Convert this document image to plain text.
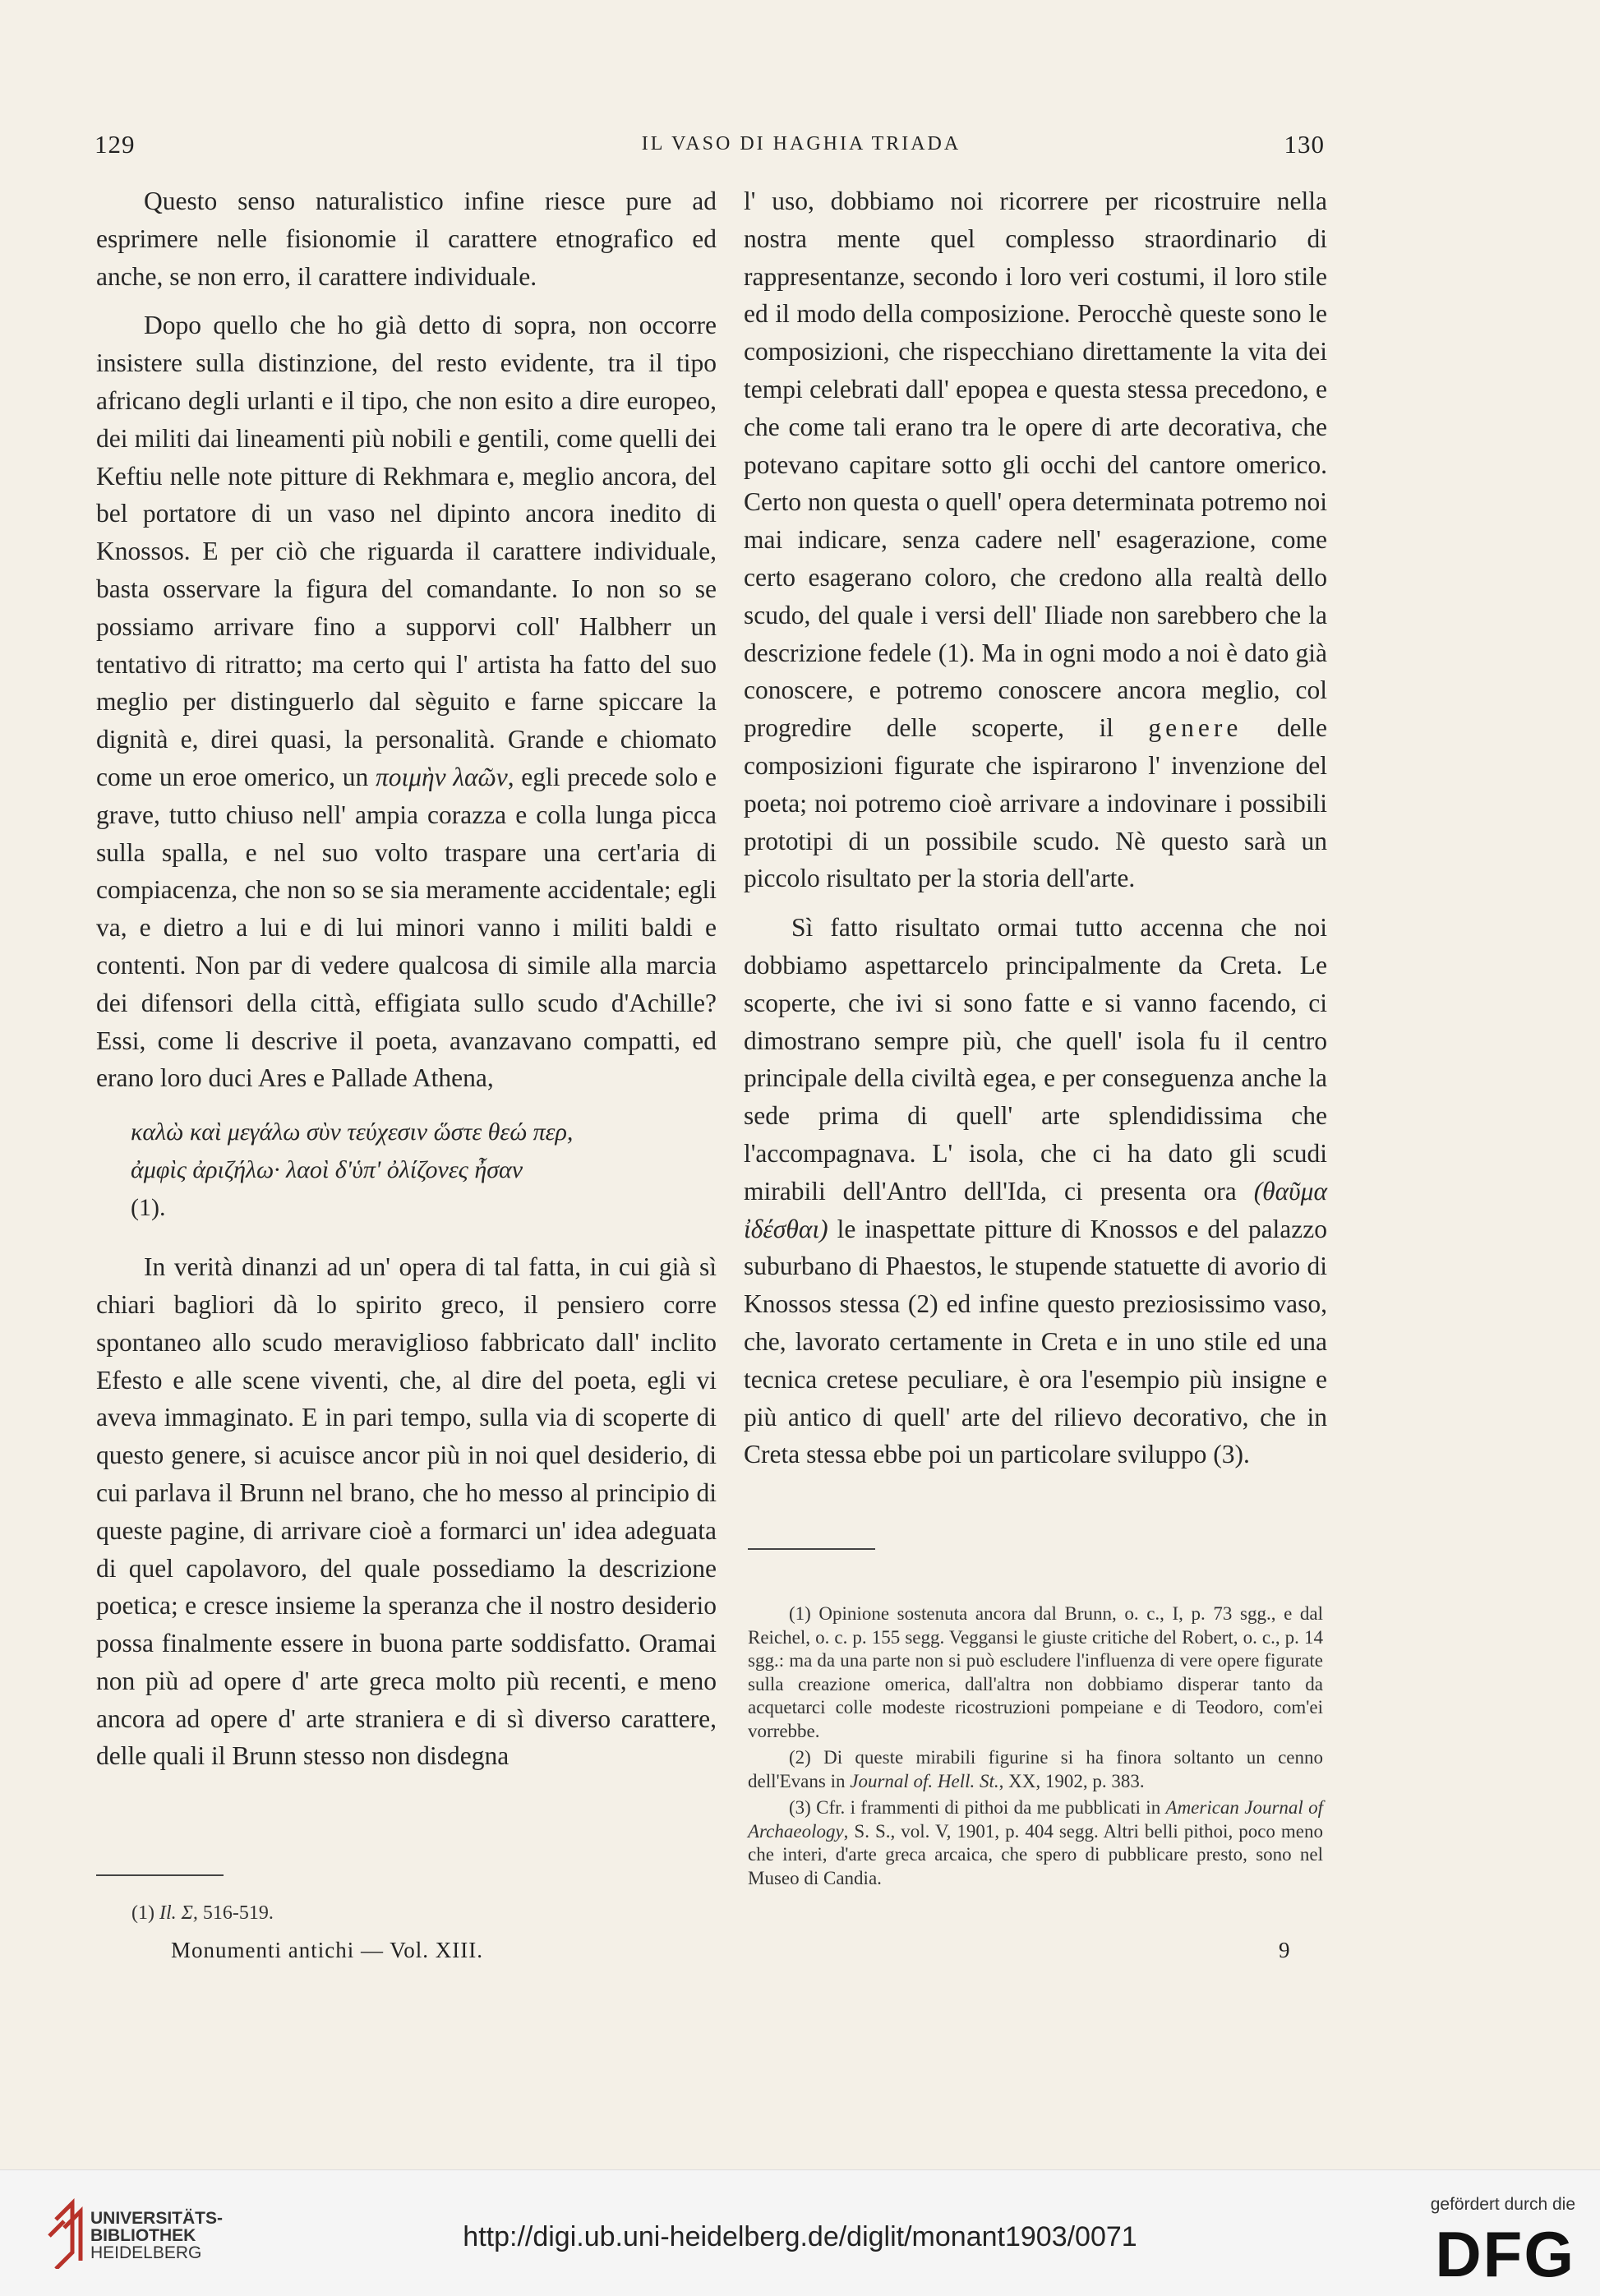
129	IL VASO DI HAGHIA TRIADA	130

Questo senso naturalistico infine riesce pure ad esprimere nelle fisionomie il carattere etnografico ed anche, se non erro, il carattere individuale.

Dopo quello che ho già detto di sopra, non occorre insistere sulla distinzione, del resto evidente, tra il tipo africano degli urlanti e il tipo, che non esito a dire europeo, dei militi dai lineamenti più nobili e gentili, come quelli dei Keftiu nelle note pitture di Rekhmara e, meglio ancora, del bel portatore di un vaso nel dipinto ancora inedito di Knossos. E per ciò che riguarda il carattere individuale, basta osservare la figura del comandante. Io non so se possiamo arrivare fino a supporvi coll' Halbherr un tentativo di ritratto; ma certo qui l' artista ha fatto del suo meglio per distinguerlo dal sèguito e farne spiccare la dignità e, direi quasi, la personalità. Grande e chiomato come un eroe omerico, un ποιμὴν λαῶν, egli precede solo e grave, tutto chiuso nell' ampia corazza e colla lunga picca sulla spalla, e nel suo volto traspare una cert'aria di compiacenza, che non so se sia meramente accidentale; egli va, e dietro a lui e di lui minori vanno i militi baldi e contenti. Non par di vedere qualcosa di simile alla marcia dei difensori della città, effigiata sullo scudo d'Achille? Essi, come li descrive il poeta, avanzavano compatti, ed erano loro duci Ares e Pallade Athena,

καλὼ καὶ μεγάλω σὺν τεύχεσιν ὥστε θεώ περ,
ἀμφὶς ἀριζήλω· λαοὶ δ'ὑπ' ὀλίζονες ἦσαν
(1).

In verità dinanzi ad un' opera di tal fatta, in cui già sì chiari bagliori dà lo spirito greco, il pensiero corre spontaneo allo scudo meraviglioso fabbricato dall' inclito Efesto e alle scene viventi, che, al dire del poeta, egli vi aveva immaginato. E in pari tempo, sulla via di scoperte di questo genere, si acuisce ancor più in noi quel desiderio, di cui parlava il Brunn nel brano, che ho messo al principio di queste pagine, di arrivare cioè a formarci un' idea adeguata di quel capolavoro, del quale possediamo la descrizione poetica; e cresce insieme la speranza che il nostro desiderio possa finalmente essere in buona parte soddisfatto. Oramai non più ad opere d' arte greca molto più recenti, e meno ancora ad opere d' arte straniera e di sì diverso carattere, delle quali il Brunn stesso non disdegna

l' uso, dobbiamo noi ricorrere per ricostruire nella nostra mente quel complesso straordinario di rappresentanze, secondo i loro veri costumi, il loro stile ed il modo della composizione. Perocchè queste sono le composizioni, che rispecchiano direttamente la vita dei tempi celebrati dall' epopea e questa stessa precedono, e che come tali erano tra le opere di arte decorativa, che potevano capitare sotto gli occhi del cantore omerico. Certo non questa o quell' opera determinata potremo noi mai indicare, senza cadere nell' esagerazione, come certo esagerano coloro, che credono alla realtà dello scudo, del quale i versi dell' Iliade non sarebbero che la descrizione fedele (1). Ma in ogni modo a noi è dato già conoscere, e potremo conoscere ancora meglio, col progredire delle scoperte, il genere delle composizioni figurate che ispirarono l' invenzione del poeta; noi potremo cioè arrivare a indovinare i possibili prototipi di un possibile scudo. Nè questo sarà un piccolo risultato per la storia dell'arte.

Sì fatto risultato ormai tutto accenna che noi dobbiamo aspettarcelo principalmente da Creta. Le scoperte, che ivi si sono fatte e si vanno facendo, ci dimostrano sempre più, che quell' isola fu il centro principale della civiltà egea, e per conseguenza anche la sede prima di quell' arte splendidissima che l'accompagnava. L' isola, che ci ha dato gli scudi mirabili dell'Antro dell'Ida, ci presenta ora (θαῦμα ἰδέσθαι) le inaspettate pitture di Knossos e del palazzo suburbano di Phaestos, le stupende statuette di avorio di Knossos stessa (2) ed infine questo preziosissimo vaso, che, lavorato certamente in Creta e in uno stile ed una tecnica cretese peculiare, è ora l'esempio più insigne e più antico di quell' arte del rilievo decorativo, che in Creta stessa ebbe poi un particolare sviluppo (3).

(1) Opinione sostenuta ancora dal Brunn, o. c., I, p. 73 sgg., e dal Reichel, o. c. p. 155 segg. Veggansi le giuste critiche del Robert, o. c., p. 14 sgg.: ma da una parte non si può escludere l'influenza di vere opere figurate sulla creazione omerica, dall'altra non dobbiamo disperar tanto da acquetarci colle modeste ricostruzioni pompeiane e di Teodoro, com'ei vorrebbe.

(2) Di queste mirabili figurine si ha finora soltanto un cenno dell'Evans in Journal of. Hell. St., XX, 1902, p. 383.

(3) Cfr. i frammenti di pithoi da me pubblicati in American Journal of Archaeology, S. S., vol. V, 1901, p. 404 segg. Altri belli pithoi, poco meno che interi, d'arte greca arcaica, che spero di pubblicare presto, sono nel Museo di Candia.

(1) Il. Σ, 516-519.
Monumenti antichi — Vol. XIII.	9
UNIVERSITÄTS-
BIBLIOTHEK
HEIDELBERG
http://digi.ub.uni-heidelberg.de/diglit/monant1903/0071
gefördert durch die
DFG
